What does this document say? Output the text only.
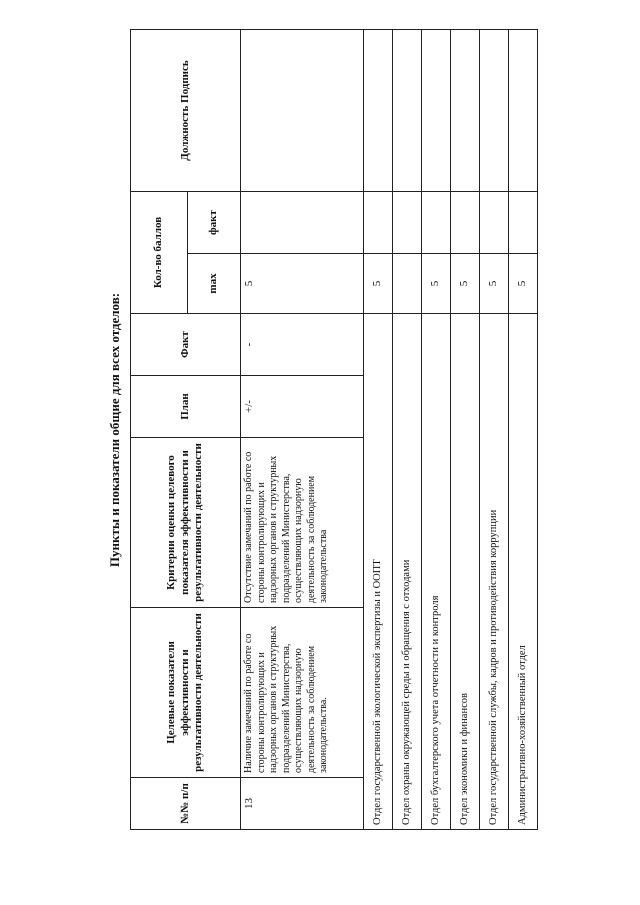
Пункты и показатели общие для всех отделов:
№№ п/п	Целевые показатели эффективности и результативности деятельности	Критерии оценки целевого показателя эффективности и результативности деятельности	План	Факт	Кол-во баллов		Должность Подпись
					max	факт	
13	Наличие замечаний по работе со стороны контролирующих и надзорных органов и структурных подразделений Министерства, осуществляющих надзорную деятельность за соблюдением законодательства.	Отсутствие замечаний по работе со стороны контролирующих и надзорных органов и структурных подразделений Министерства, осуществляющих надзорную деятельность за соблюдением законодательства	+/-	-	5		
Отдел государственной экологической экспертизы и ООПТ					5		
Отдел охраны окружающей среды и обращения с отходами							
Отдел бухгалтерского учета отчетности и контроля					5		
Отдел экономики и финансов					5		
Отдел государственной службы, кадров и противодействия коррупции					5		
Административно-хозяйственный отдел					5		
